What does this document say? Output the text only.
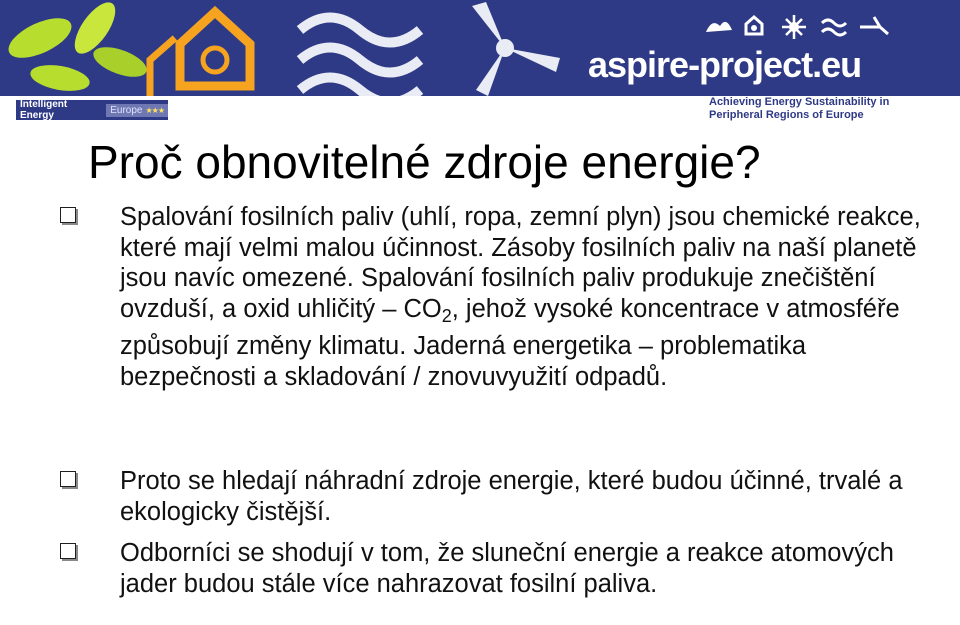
aspire-project.eu
Intelligent Energy	Europe ★★★
Achieving Energy Sustainability in
Peripheral Regions of Europe
Proč obnovitelné zdroje energie?
Spalování fosilních paliv (uhlí, ropa, zemní plyn) jsou chemické reakce, které mají velmi malou účinnost. Zásoby fosilních paliv na naší planetě jsou navíc omezené. Spalování fosilních paliv produkuje znečištění ovzduší, a oxid uhličitý – $CO_2$, jehož vysoké koncentrace v atmosféře způsobují změny klimatu. Jaderná energetika – problematika bezpečnosti a skladování / znovuvyužití odpadů.
Proto se hledají náhradní zdroje energie, které budou účinné, trvalé a ekologicky čistější.
Odborníci se shodují v tom, že sluneční energie a reakce atomových jader budou stále více nahrazovat fosilní paliva.
